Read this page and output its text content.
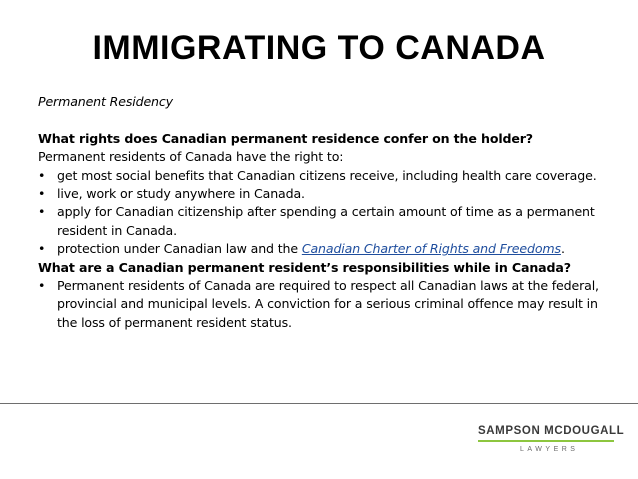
IMMIGRATING TO CANADA

Permanent Residency

What rights does Canadian permanent residence confer on the holder?

Permanent residents of Canada have the right to:

• get most social benefits that Canadian citizens receive, including health care coverage.
• live, work or study anywhere in Canada.
• apply for Canadian citizenship after spending a certain amount of time as a permanent resident in Canada.
• protection under Canadian law and the Canadian Charter of Rights and Freedoms.

What are a Canadian permanent resident’s responsibilities while in Canada?

• Permanent residents of Canada are required to respect all Canadian laws at the federal, provincial and municipal levels. A conviction for a serious criminal offence may result in the loss of permanent resident status.
SAMPSON MCDOUGALL
LAWYERS
